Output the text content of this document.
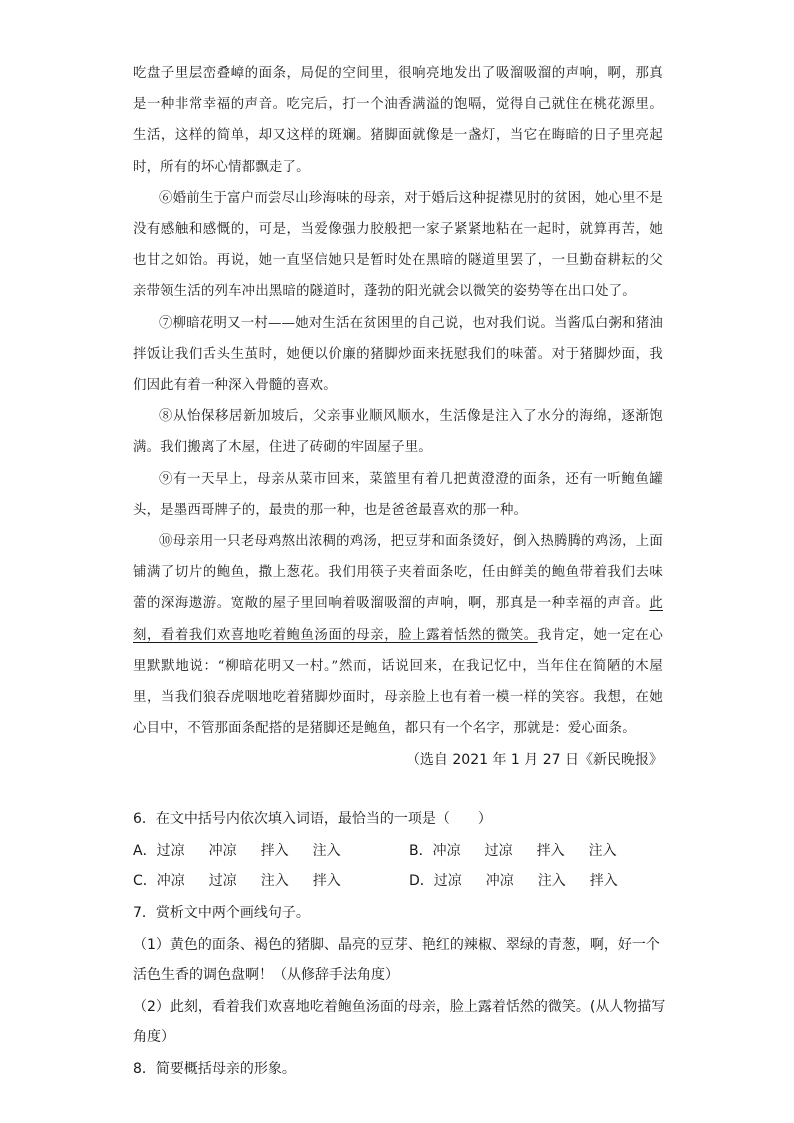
吃盘子里层峦叠嶂的面条，局促的空间里，很响亮地发出了吸溜吸溜的声响，啊，那真是一种非常幸福的声音。吃完后，打一个油香满溢的饱嗝，觉得自己就住在桃花源里。生活，这样的简单，却又这样的斑斓。猪脚面就像是一盏灯，当它在晦暗的日子里亮起时，所有的坏心情都飘走了。

⑥婚前生于富户而尝尽山珍海味的母亲，对于婚后这种捉襟见肘的贫困，她心里不是没有感触和感慨的，可是，当爱像强力胶般把一家子紧紧地粘在一起时，就算再苦，她也甘之如饴。再说，她一直坚信她只是暂时处在黑暗的隧道里罢了，一旦勤奋耕耘的父亲带领生活的列车冲出黑暗的隧道时，蓬勃的阳光就会以微笑的姿势等在出口处了。

⑦柳暗花明又一村——她对生活在贫困里的自己说，也对我们说。当酱瓜白粥和猪油拌饭让我们舌头生茧时，她便以价廉的猪脚炒面来抚慰我们的味蕾。对于猪脚炒面，我们因此有着一种深入骨髓的喜欢。

⑧从怡保移居新加坡后，父亲事业顺风顺水，生活像是注入了水分的海绵，逐渐饱满。我们搬离了木屋，住进了砖砌的牢固屋子里。

⑨有一天早上，母亲从菜市回来，菜篮里有着几把黄澄澄的面条，还有一听鲍鱼罐头，是墨西哥牌子的，最贵的那一种，也是爸爸最喜欢的那一种。

⑩母亲用一只老母鸡熬出浓稠的鸡汤，把豆芽和面条烫好，倒入热腾腾的鸡汤，上面铺满了切片的鲍鱼，撒上葱花。我们用筷子夹着面条吃，任由鲜美的鲍鱼带着我们去味蕾的深海遨游。宽敞的屋子里回响着吸溜吸溜的声响，啊，那真是一种幸福的声音。此刻，看着我们欢喜地吃着鲍鱼汤面的母亲，脸上露着恬然的微笑。我肯定，她一定在心里默默地说：“柳暗花明又一村。”然而，话说回来，在我记忆中，当年住在简陋的木屋里，当我们狼吞虎咽地吃着猪脚炒面时，母亲脸上也有着一模一样的笑容。我想，在她心目中，不管那面条配搭的是猪脚还是鲍鱼，都只有一个名字，那就是：爱心面条。

（选自 2021 年 1 月 27 日《新民晚报》
6．在文中括号内依次填入词语，最恰当的一项是（　　）
A．过凉 冲凉 拌入 注入	B．冲凉 过凉 拌入 注入
C．冲凉 过凉 注入 拌入	D．过凉 冲凉 注入 拌入
7．赏析文中两个画线句子。
（1）黄色的面条、褐色的猪脚、晶亮的豆芽、艳红的辣椒、翠绿的青葱，啊，好一个
活色生香的调色盘啊！（从修辞手法角度）
（2）此刻，看着我们欢喜地吃着鲍鱼汤面的母亲，脸上露着恬然的微笑。(从人物描写
角度）
8．简要概括母亲的形象。
